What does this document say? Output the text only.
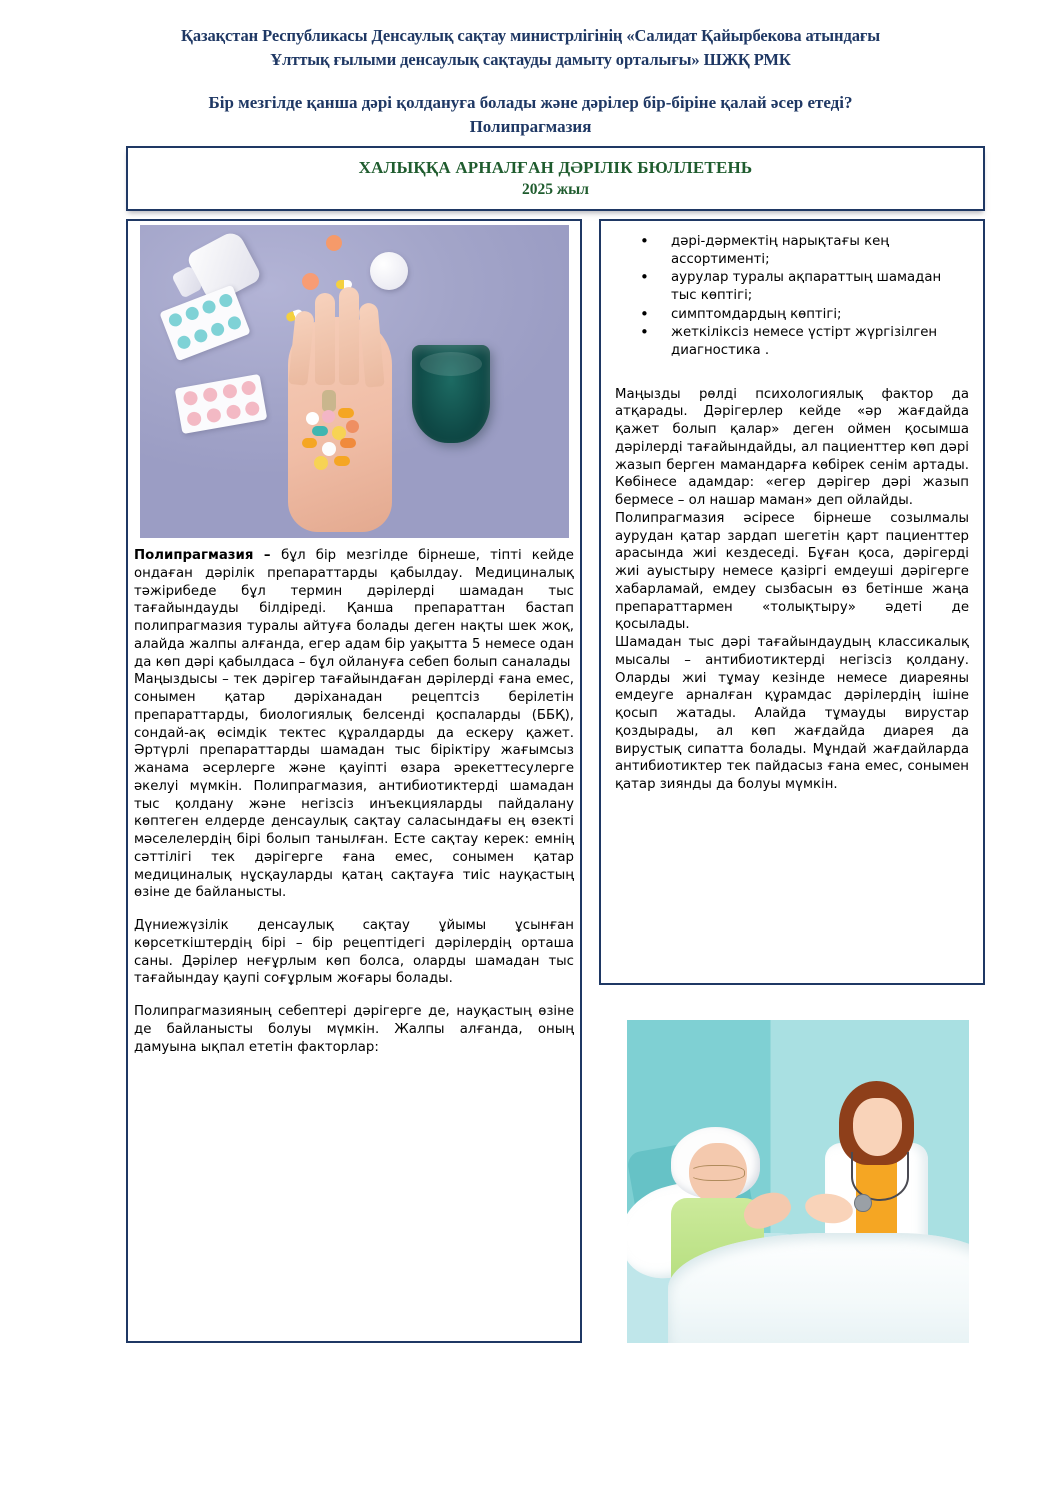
Қазақстан Республикасы Денсаулық сақтау министрлігінің «Салидат Қайырбекова атындағы
Ұлттық ғылыми денсаулық сақтауды дамыту орталығы» ШЖҚ РМК
Бір мезгілде қанша дәрі қолдануға болады және дәрілер бір-біріне қалай әсер етеді?
Полипрагмазия
ХАЛЫҚҚА АРНАЛҒАН ДӘРІЛІК БЮЛЛЕТЕНЬ
2025 жыл

Полипрагмазия – бұл бір мезгілде бірнеше, тіпті кейде ондаған дәрілік препараттарды қабылдау. Медициналық тәжірибеде бұл термин дәрілерді шамадан тыс тағайындауды білдіреді. Қанша препараттан бастап полипрагмазия туралы айтуға болады деген нақты шек жоқ, алайда жалпы алғанда, егер адам бір уақытта 5 немесе одан да көп дәрі қабылдаса – бұл ойлануға себеп болып саналады

Маңыздысы – тек дәрігер тағайындаған дәрілерді ғана емес, сонымен қатар дәріханадан рецептсіз берілетін препараттарды, биологиялық белсенді қоспаларды (ББҚ), сондай-ақ өсімдік тектес құралдарды да ескеру қажет. Әртүрлі препараттарды шамадан тыс біріктіру жағымсыз жанама әсерлерге және қауіпті өзара әрекеттесулерге әкелуі мүмкін. Полипрагмазия, антибиотиктерді шамадан тыс қолдану және негізсіз инъекцияларды пайдалану көптеген елдерде денсаулық сақтау саласындағы ең өзекті мәселелердің бірі болып танылған. Есте сақтау керек: емнің сәттілігі тек дәрігерге ғана емес, сонымен қатар медициналық нұсқауларды қатаң сақтауға тиіс науқастың өзіне де байланысты.

Дүниежүзілік денсаулық сақтау ұйымы ұсынған көрсеткіштердің бірі – бір рецептідегі дәрілердің орташа саны. Дәрілер неғұрлым көп болса, оларды шамадан тыс тағайындау қаупі соғұрлым жоғары болады.

Полипрагмазияның себептері дәрігерге де, науқастың өзіне де байланысты болуы мүмкін. Жалпы алғанда, оның дамуына ықпал ететін факторлар:

• дәрі-дәрмектің нарықтағы кең ассортименті;
• аурулар туралы ақпараттың шамадан тыс көптігі;
• симптомдардың көптігі;
• жеткіліксіз немесе үстірт жүргізілген диагностика .

Маңызды рөлді психологиялық фактор да атқарады. Дәрігерлер кейде «әр жағдайда қажет болып қалар» деген оймен қосымша дәрілерді тағайындайды, ал пациенттер көп дәрі жазып берген мамандарға көбірек сенім артады. Көбінесе адамдар: «егер дәрігер дәрі жазып бермесе – ол нашар маман» деп ойлайды.

Полипрагмазия әсіресе бірнеше созылмалы аурудан қатар зардап шегетін қарт пациенттер арасында жиі кездеседі. Бұған қоса, дәрігерді жиі ауыстыру немесе қазіргі емдеуші дәрігерге хабарламай, емдеу сызбасын өз бетінше жаңа препараттармен «толықтыру» әдеті де қосылады.

Шамадан тыс дәрі тағайындаудың классикалық мысалы – антибиотиктерді негізсіз қолдану. Оларды жиі тұмау кезінде немесе диареяны емдеуге арналған құрамдас дәрілердің ішіне қосып жатады. Алайда тұмауды вирустар қоздырады, ал көп жағдайда диарея да вирустық сипатта болады. Мұндай жағдайларда антибиотиктер тек пайдасыз ғана емес, сонымен қатар зиянды да болуы мүмкін.
